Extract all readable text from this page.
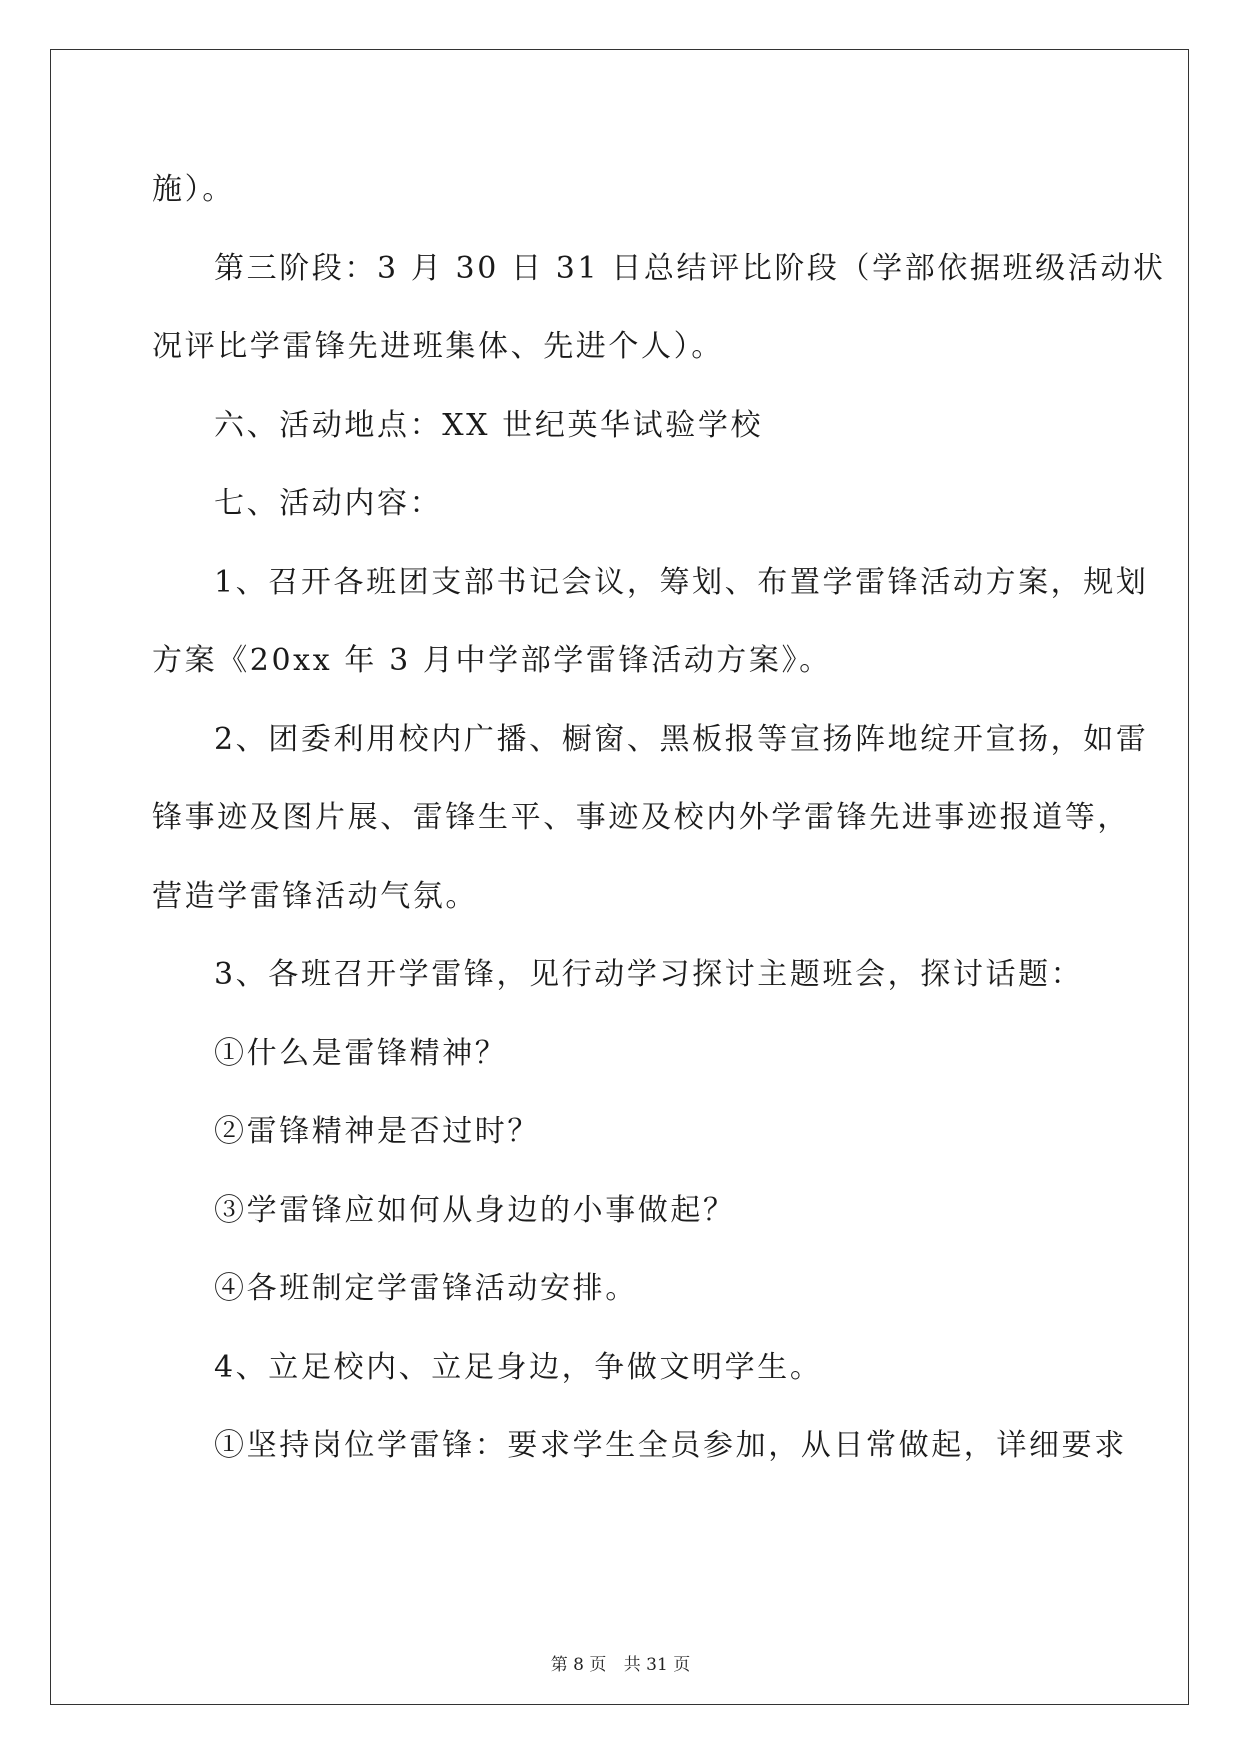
施）。
第三阶段：3 月 30 日 31 日总结评比阶段（学部依据班级活动状
况评比学雷锋先进班集体、先进个人）。
六、活动地点：XX 世纪英华试验学校
七、活动内容：
1、召开各班团支部书记会议，筹划、布置学雷锋活动方案，规划
方案《20xx 年 3 月中学部学雷锋活动方案》。
2、团委利用校内广播、橱窗、黑板报等宣扬阵地绽开宣扬，如雷
锋事迹及图片展、雷锋生平、事迹及校内外学雷锋先进事迹报道等，
营造学雷锋活动气氛。
3、各班召开学雷锋，见行动学习探讨主题班会，探讨话题：
①什么是雷锋精神？
②雷锋精神是否过时？
③学雷锋应如何从身边的小事做起？
④各班制定学雷锋活动安排。
4、立足校内、立足身边，争做文明学生。
①坚持岗位学雷锋：要求学生全员参加，从日常做起，详细要求
第 8 页 共 31 页
